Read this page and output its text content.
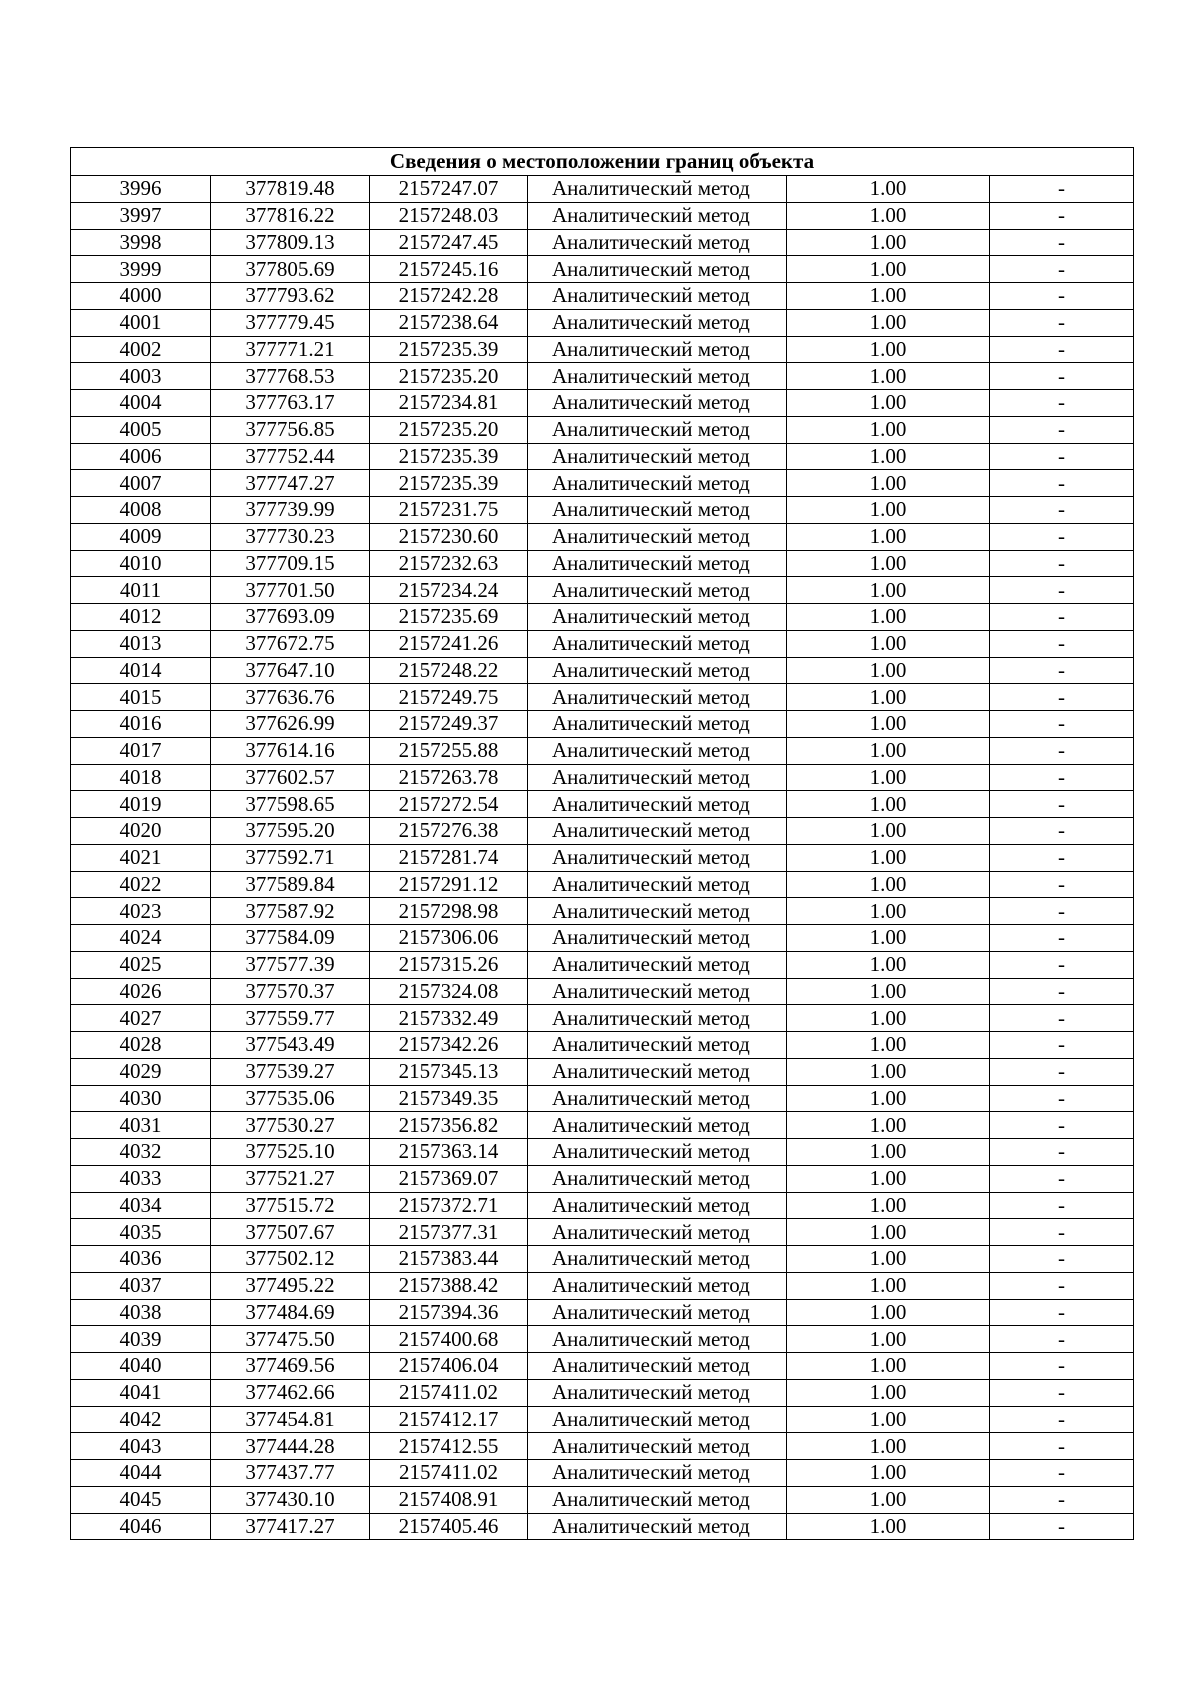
Сведения о местоположении границ объекта					
3996	377819.48	2157247.07	Аналитический метод	1.00	-
3997	377816.22	2157248.03	Аналитический метод	1.00	-
3998	377809.13	2157247.45	Аналитический метод	1.00	-
3999	377805.69	2157245.16	Аналитический метод	1.00	-
4000	377793.62	2157242.28	Аналитический метод	1.00	-
4001	377779.45	2157238.64	Аналитический метод	1.00	-
4002	377771.21	2157235.39	Аналитический метод	1.00	-
4003	377768.53	2157235.20	Аналитический метод	1.00	-
4004	377763.17	2157234.81	Аналитический метод	1.00	-
4005	377756.85	2157235.20	Аналитический метод	1.00	-
4006	377752.44	2157235.39	Аналитический метод	1.00	-
4007	377747.27	2157235.39	Аналитический метод	1.00	-
4008	377739.99	2157231.75	Аналитический метод	1.00	-
4009	377730.23	2157230.60	Аналитический метод	1.00	-
4010	377709.15	2157232.63	Аналитический метод	1.00	-
4011	377701.50	2157234.24	Аналитический метод	1.00	-
4012	377693.09	2157235.69	Аналитический метод	1.00	-
4013	377672.75	2157241.26	Аналитический метод	1.00	-
4014	377647.10	2157248.22	Аналитический метод	1.00	-
4015	377636.76	2157249.75	Аналитический метод	1.00	-
4016	377626.99	2157249.37	Аналитический метод	1.00	-
4017	377614.16	2157255.88	Аналитический метод	1.00	-
4018	377602.57	2157263.78	Аналитический метод	1.00	-
4019	377598.65	2157272.54	Аналитический метод	1.00	-
4020	377595.20	2157276.38	Аналитический метод	1.00	-
4021	377592.71	2157281.74	Аналитический метод	1.00	-
4022	377589.84	2157291.12	Аналитический метод	1.00	-
4023	377587.92	2157298.98	Аналитический метод	1.00	-
4024	377584.09	2157306.06	Аналитический метод	1.00	-
4025	377577.39	2157315.26	Аналитический метод	1.00	-
4026	377570.37	2157324.08	Аналитический метод	1.00	-
4027	377559.77	2157332.49	Аналитический метод	1.00	-
4028	377543.49	2157342.26	Аналитический метод	1.00	-
4029	377539.27	2157345.13	Аналитический метод	1.00	-
4030	377535.06	2157349.35	Аналитический метод	1.00	-
4031	377530.27	2157356.82	Аналитический метод	1.00	-
4032	377525.10	2157363.14	Аналитический метод	1.00	-
4033	377521.27	2157369.07	Аналитический метод	1.00	-
4034	377515.72	2157372.71	Аналитический метод	1.00	-
4035	377507.67	2157377.31	Аналитический метод	1.00	-
4036	377502.12	2157383.44	Аналитический метод	1.00	-
4037	377495.22	2157388.42	Аналитический метод	1.00	-
4038	377484.69	2157394.36	Аналитический метод	1.00	-
4039	377475.50	2157400.68	Аналитический метод	1.00	-
4040	377469.56	2157406.04	Аналитический метод	1.00	-
4041	377462.66	2157411.02	Аналитический метод	1.00	-
4042	377454.81	2157412.17	Аналитический метод	1.00	-
4043	377444.28	2157412.55	Аналитический метод	1.00	-
4044	377437.77	2157411.02	Аналитический метод	1.00	-
4045	377430.10	2157408.91	Аналитический метод	1.00	-
4046	377417.27	2157405.46	Аналитический метод	1.00	-
